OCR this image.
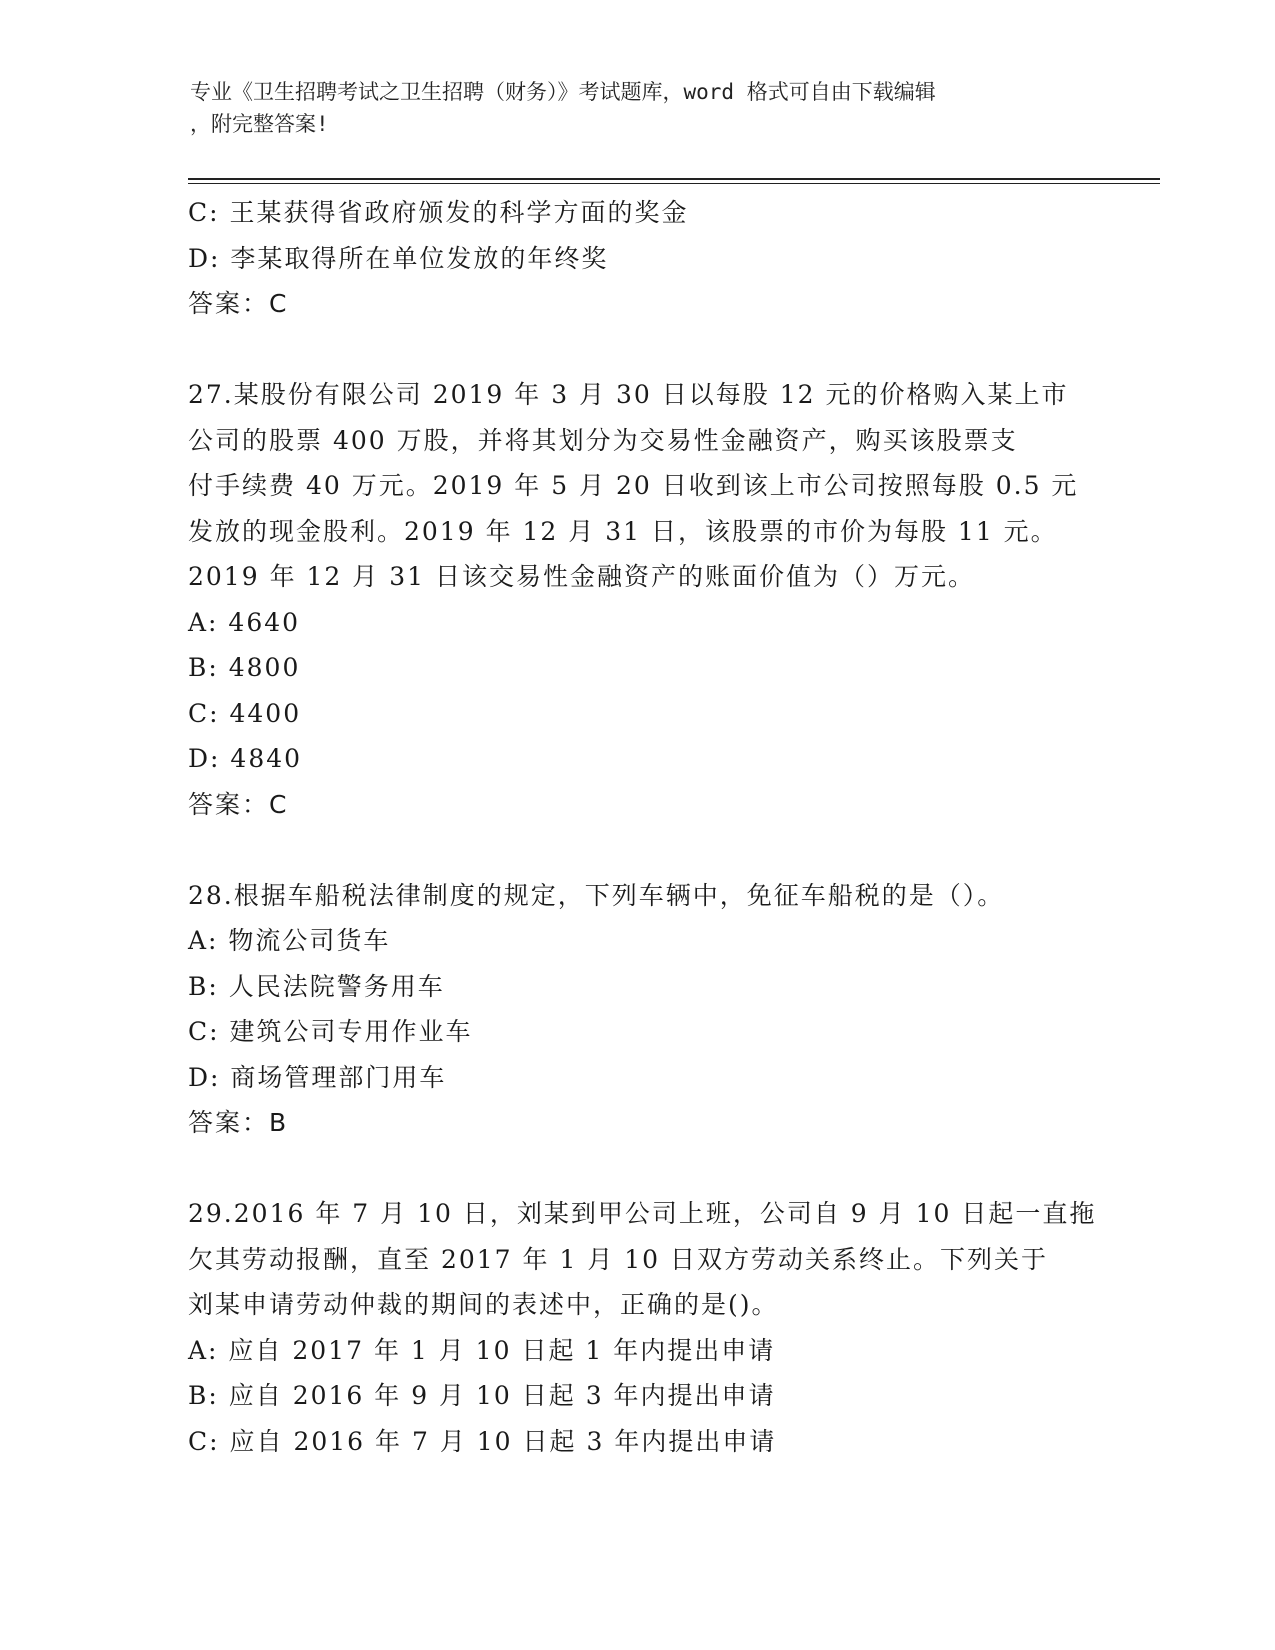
专业《卫生招聘考试之卫生招聘（财务）》考试题库，word 格式可自由下载编辑
，附完整答案!
C: 王某获得省政府颁发的科学方面的奖金
D: 李某取得所在单位发放的年终奖
答案：C
27.某股份有限公司 2019 年 3 月 30 日以每股 12 元的价格购入某上市
公司的股票 400 万股，并将其划分为交易性金融资产，购买该股票支
付手续费 40 万元。2019 年 5 月 20 日收到该上市公司按照每股 0.5 元
发放的现金股利。2019 年 12 月 31 日，该股票的市价为每股 11 元。
2019 年 12 月 31 日该交易性金融资产的账面价值为（）万元。
A: 4640
B: 4800
C: 4400
D: 4840
答案：C
28.根据车船税法律制度的规定，下列车辆中，免征车船税的是（）。
A: 物流公司货车
B: 人民法院警务用车
C: 建筑公司专用作业车
D: 商场管理部门用车
答案：B
29.2016 年 7 月 10 日，刘某到甲公司上班，公司自 9 月 10 日起一直拖
欠其劳动报酬，直至 2017 年 1 月 10 日双方劳动关系终止。下列关于
刘某申请劳动仲裁的期间的表述中，正确的是()。
A: 应自 2017 年 1 月 10 日起 1 年内提出申请
B: 应自 2016 年 9 月 10 日起 3 年内提出申请
C: 应自 2016 年 7 月 10 日起 3 年内提出申请
